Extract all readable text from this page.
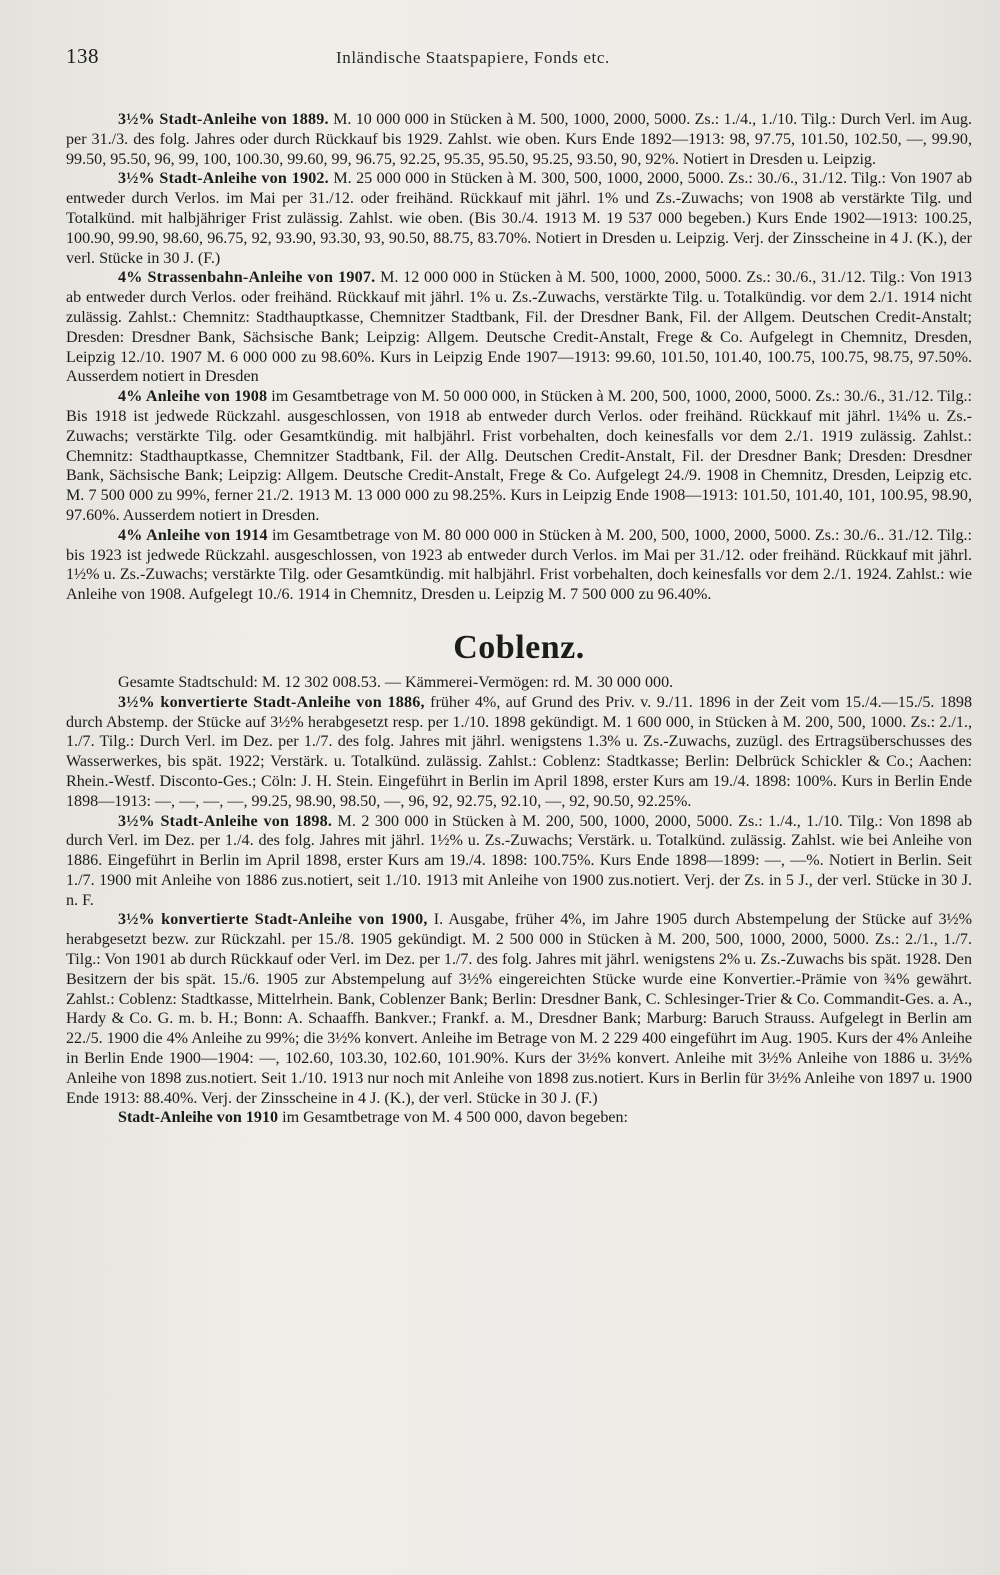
138	Inländische Staatspapiere, Fonds etc.

3½% Stadt-Anleihe von 1889. M. 10 000 000 in Stücken à M. 500, 1000, 2000, 5000. Zs.: 1./4., 1./10. Tilg.: Durch Verl. im Aug. per 31./3. des folg. Jahres oder durch Rückkauf bis 1929. Zahlst. wie oben. Kurs Ende 1892—1913: 98, 97.75, 101.50, 102.50, —, 99.90, 99.50, 95.50, 96, 99, 100, 100.30, 99.60, 99, 96.75, 92.25, 95.35, 95.50, 95.25, 93.50, 90, 92%. Notiert in Dresden u. Leipzig.

3½% Stadt-Anleihe von 1902. M. 25 000 000 in Stücken à M. 300, 500, 1000, 2000, 5000. Zs.: 30./6., 31./12. Tilg.: Von 1907 ab entweder durch Verlos. im Mai per 31./12. oder freihänd. Rückkauf mit jährl. 1% und Zs.-Zuwachs; von 1908 ab verstärkte Tilg. und Totalkünd. mit halbjähriger Frist zulässig. Zahlst. wie oben. (Bis 30./4. 1913 M. 19 537 000 begeben.) Kurs Ende 1902—1913: 100.25, 100.90, 99.90, 98.60, 96.75, 92, 93.90, 93.30, 93, 90.50, 88.75, 83.70%. Notiert in Dresden u. Leipzig. Verj. der Zinsscheine in 4 J. (K.), der verl. Stücke in 30 J. (F.)

4% Strassenbahn-Anleihe von 1907. M. 12 000 000 in Stücken à M. 500, 1000, 2000, 5000. Zs.: 30./6., 31./12. Tilg.: Von 1913 ab entweder durch Verlos. oder freihänd. Rückkauf mit jährl. 1% u. Zs.-Zuwachs, verstärkte Tilg. u. Totalkündig. vor dem 2./1. 1914 nicht zulässig. Zahlst.: Chemnitz: Stadthauptkasse, Chemnitzer Stadtbank, Fil. der Dresdner Bank, Fil. der Allgem. Deutschen Credit-Anstalt; Dresden: Dresdner Bank, Sächsische Bank; Leipzig: Allgem. Deutsche Credit-Anstalt, Frege & Co. Aufgelegt in Chemnitz, Dresden, Leipzig 12./10. 1907 M. 6 000 000 zu 98.60%. Kurs in Leipzig Ende 1907—1913: 99.60, 101.50, 101.40, 100.75, 100.75, 98.75, 97.50%. Ausserdem notiert in Dresden

4% Anleihe von 1908 im Gesamtbetrage von M. 50 000 000, in Stücken à M. 200, 500, 1000, 2000, 5000. Zs.: 30./6., 31./12. Tilg.: Bis 1918 ist jedwede Rückzahl. ausgeschlossen, von 1918 ab entweder durch Verlos. oder freihänd. Rückkauf mit jährl. 1¼% u. Zs.-Zuwachs; verstärkte Tilg. oder Gesamtkündig. mit halbjährl. Frist vorbehalten, doch keinesfalls vor dem 2./1. 1919 zulässig. Zahlst.: Chemnitz: Stadthauptkasse, Chemnitzer Stadtbank, Fil. der Allg. Deutschen Credit-Anstalt, Fil. der Dresdner Bank; Dresden: Dresdner Bank, Sächsische Bank; Leipzig: Allgem. Deutsche Credit-Anstalt, Frege & Co. Aufgelegt 24./9. 1908 in Chemnitz, Dresden, Leipzig etc. M. 7 500 000 zu 99%, ferner 21./2. 1913 M. 13 000 000 zu 98.25%. Kurs in Leipzig Ende 1908—1913: 101.50, 101.40, 101, 100.95, 98.90, 97.60%. Ausserdem notiert in Dresden.

4% Anleihe von 1914 im Gesamtbetrage von M. 80 000 000 in Stücken à M. 200, 500, 1000, 2000, 5000. Zs.: 30./6.. 31./12. Tilg.: bis 1923 ist jedwede Rückzahl. ausgeschlossen, von 1923 ab entweder durch Verlos. im Mai per 31./12. oder freihänd. Rückkauf mit jährl. 1½% u. Zs.-Zuwachs; verstärkte Tilg. oder Gesamtkündig. mit halbjährl. Frist vorbehalten, doch keinesfalls vor dem 2./1. 1924. Zahlst.: wie Anleihe von 1908. Aufgelegt 10./6. 1914 in Chemnitz, Dresden u. Leipzig M. 7 500 000 zu 96.40%.

Coblenz.

Gesamte Stadtschuld: M. 12 302 008.53. — Kämmerei-Vermögen: rd. M. 30 000 000.

3½% konvertierte Stadt-Anleihe von 1886, früher 4%, auf Grund des Priv. v. 9./11. 1896 in der Zeit vom 15./4.—15./5. 1898 durch Abstemp. der Stücke auf 3½% herabgesetzt resp. per 1./10. 1898 gekündigt. M. 1 600 000, in Stücken à M. 200, 500, 1000. Zs.: 2./1., 1./7. Tilg.: Durch Verl. im Dez. per 1./7. des folg. Jahres mit jährl. wenigstens 1.3% u. Zs.-Zuwachs, zuzügl. des Ertragsüberschusses des Wasserwerkes, bis spät. 1922; Verstärk. u. Totalkünd. zulässig. Zahlst.: Coblenz: Stadtkasse; Berlin: Delbrück Schickler & Co.; Aachen: Rhein.-Westf. Disconto-Ges.; Cöln: J. H. Stein. Eingeführt in Berlin im April 1898, erster Kurs am 19./4. 1898: 100%. Kurs in Berlin Ende 1898—1913: —, —, —, —, 99.25, 98.90, 98.50, —, 96, 92, 92.75, 92.10, —, 92, 90.50, 92.25%.

3½% Stadt-Anleihe von 1898. M. 2 300 000 in Stücken à M. 200, 500, 1000, 2000, 5000. Zs.: 1./4., 1./10. Tilg.: Von 1898 ab durch Verl. im Dez. per 1./4. des folg. Jahres mit jährl. 1½% u. Zs.-Zuwachs; Verstärk. u. Totalkünd. zulässig. Zahlst. wie bei Anleihe von 1886. Eingeführt in Berlin im April 1898, erster Kurs am 19./4. 1898: 100.75%. Kurs Ende 1898—1899: —, —%. Notiert in Berlin. Seit 1./7. 1900 mit Anleihe von 1886 zus.notiert, seit 1./10. 1913 mit Anleihe von 1900 zus.notiert. Verj. der Zs. in 5 J., der verl. Stücke in 30 J. n. F.

3½% konvertierte Stadt-Anleihe von 1900, I. Ausgabe, früher 4%, im Jahre 1905 durch Abstempelung der Stücke auf 3½% herabgesetzt bezw. zur Rückzahl. per 15./8. 1905 gekündigt. M. 2 500 000 in Stücken à M. 200, 500, 1000, 2000, 5000. Zs.: 2./1., 1./7. Tilg.: Von 1901 ab durch Rückkauf oder Verl. im Dez. per 1./7. des folg. Jahres mit jährl. wenigstens 2% u. Zs.-Zuwachs bis spät. 1928. Den Besitzern der bis spät. 15./6. 1905 zur Abstempelung auf 3½% eingereichten Stücke wurde eine Konvertier.-Prämie von ¾% gewährt. Zahlst.: Coblenz: Stadtkasse, Mittelrhein. Bank, Coblenzer Bank; Berlin: Dresdner Bank, C. Schlesinger-Trier & Co. Commandit-Ges. a. A., Hardy & Co. G. m. b. H.; Bonn: A. Schaaffh. Bankver.; Frankf. a. M., Dresdner Bank; Marburg: Baruch Strauss. Aufgelegt in Berlin am 22./5. 1900 die 4% Anleihe zu 99%; die 3½% konvert. Anleihe im Betrage von M. 2 229 400 eingeführt im Aug. 1905. Kurs der 4% Anleihe in Berlin Ende 1900—1904: —, 102.60, 103.30, 102.60, 101.90%. Kurs der 3½% konvert. Anleihe mit 3½% Anleihe von 1886 u. 3½% Anleihe von 1898 zus.notiert. Seit 1./10. 1913 nur noch mit Anleihe von 1898 zus.notiert. Kurs in Berlin für 3½% Anleihe von 1897 u. 1900 Ende 1913: 88.40%. Verj. der Zinsscheine in 4 J. (K.), der verl. Stücke in 30 J. (F.)

Stadt-Anleihe von 1910 im Gesamtbetrage von M. 4 500 000, davon begeben:
